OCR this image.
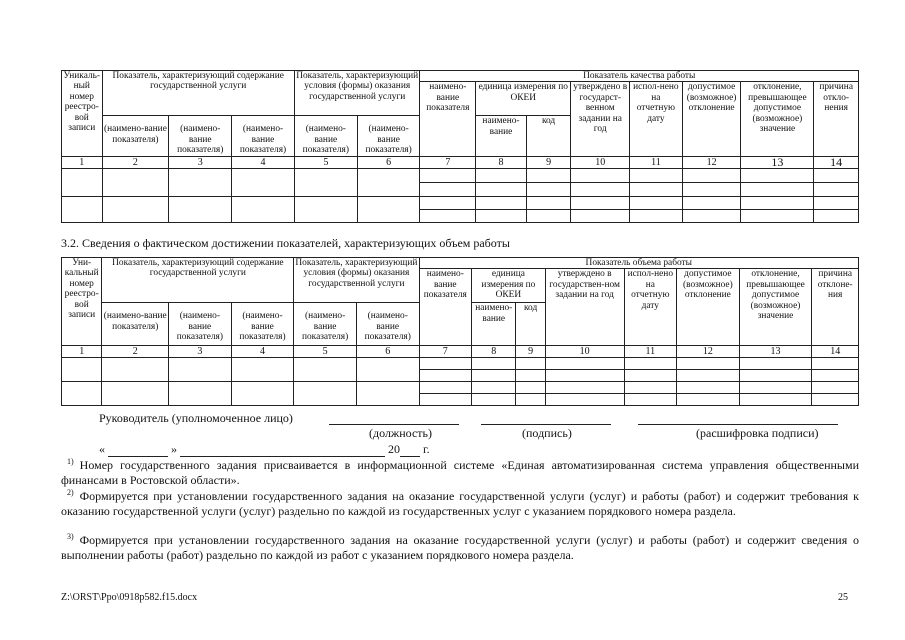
Уникаль-ный номер реестро-вой записи	Показатель, характеризующий содержание государственной услуги			Показатель, характеризующий условия (формы) оказания государственной услуги		Показатель качества работы							
						наимено-вание показателя	единица измерения по ОКЕИ		утверждено в государст-венном задании на год	испол-нено на отчетную дату	допустимое (возможное) отклонение	отклонение, превышающее допустимое (возможное) значение	причина откло-нения
	(наимено-вание показателя)	(наимено-вание показателя)	(наимено-вание показателя)	(наимено-вание показателя)	(наимено-вание показателя)		наимено-вание	код					
1	2	3	4	5	6	7	8	9	10	11	12	13	14

3.2. Сведения о фактическом достижении показателей, характеризующих объем работы
Уни-кальный номер реестро-вой записи	Показатель, характеризующий содержание государственной услуги			Показатель, характеризующий условия (формы) оказания государственной услуги		Показатель объема работы							
						наимено-вание показателя	единица измерения по ОКЕИ		утверждено в государствен-ном задании на год	испол-нено на отчетную дату	допустимое (возможное) отклонение	отклонение, превышающее допустимое (возможное) значение	причина отклоне-ния
	(наимено-вание показателя)	(наимено-вание показателя)	(наимено-вание показателя)	(наимено-вание показателя)	(наимено-вание показателя)		наимено-вание	код					
1	2	3	4	5	6	7	8	9	10	11	12	13	14

Руководитель (уполномоченное лицо)
(должность)	(подпись)	(расшифровка подписи)
«	»	20 г.
$^{1)}$ Номер государственного задания присваивается в информационной системе «Единая автоматизированная система управления общественными финансами в Ростовской области».
$^{2)}$ Формируется при установлении государственного задания на оказание государственной услуги (услуг) и работы (работ) и содержит требования к оказанию государственной услуги (услуг) раздельно по каждой из государственных услуг с указанием порядкового номера раздела.
$^{3)}$ Формируется при установлении государственного задания на оказание государственной услуги (услуг) и работы (работ) и содержит сведения о выполнении работы (работ) раздельно по каждой из работ с указанием порядкового номера раздела.
Z:\ORST\Ppo\0918p582.f15.docx	25
